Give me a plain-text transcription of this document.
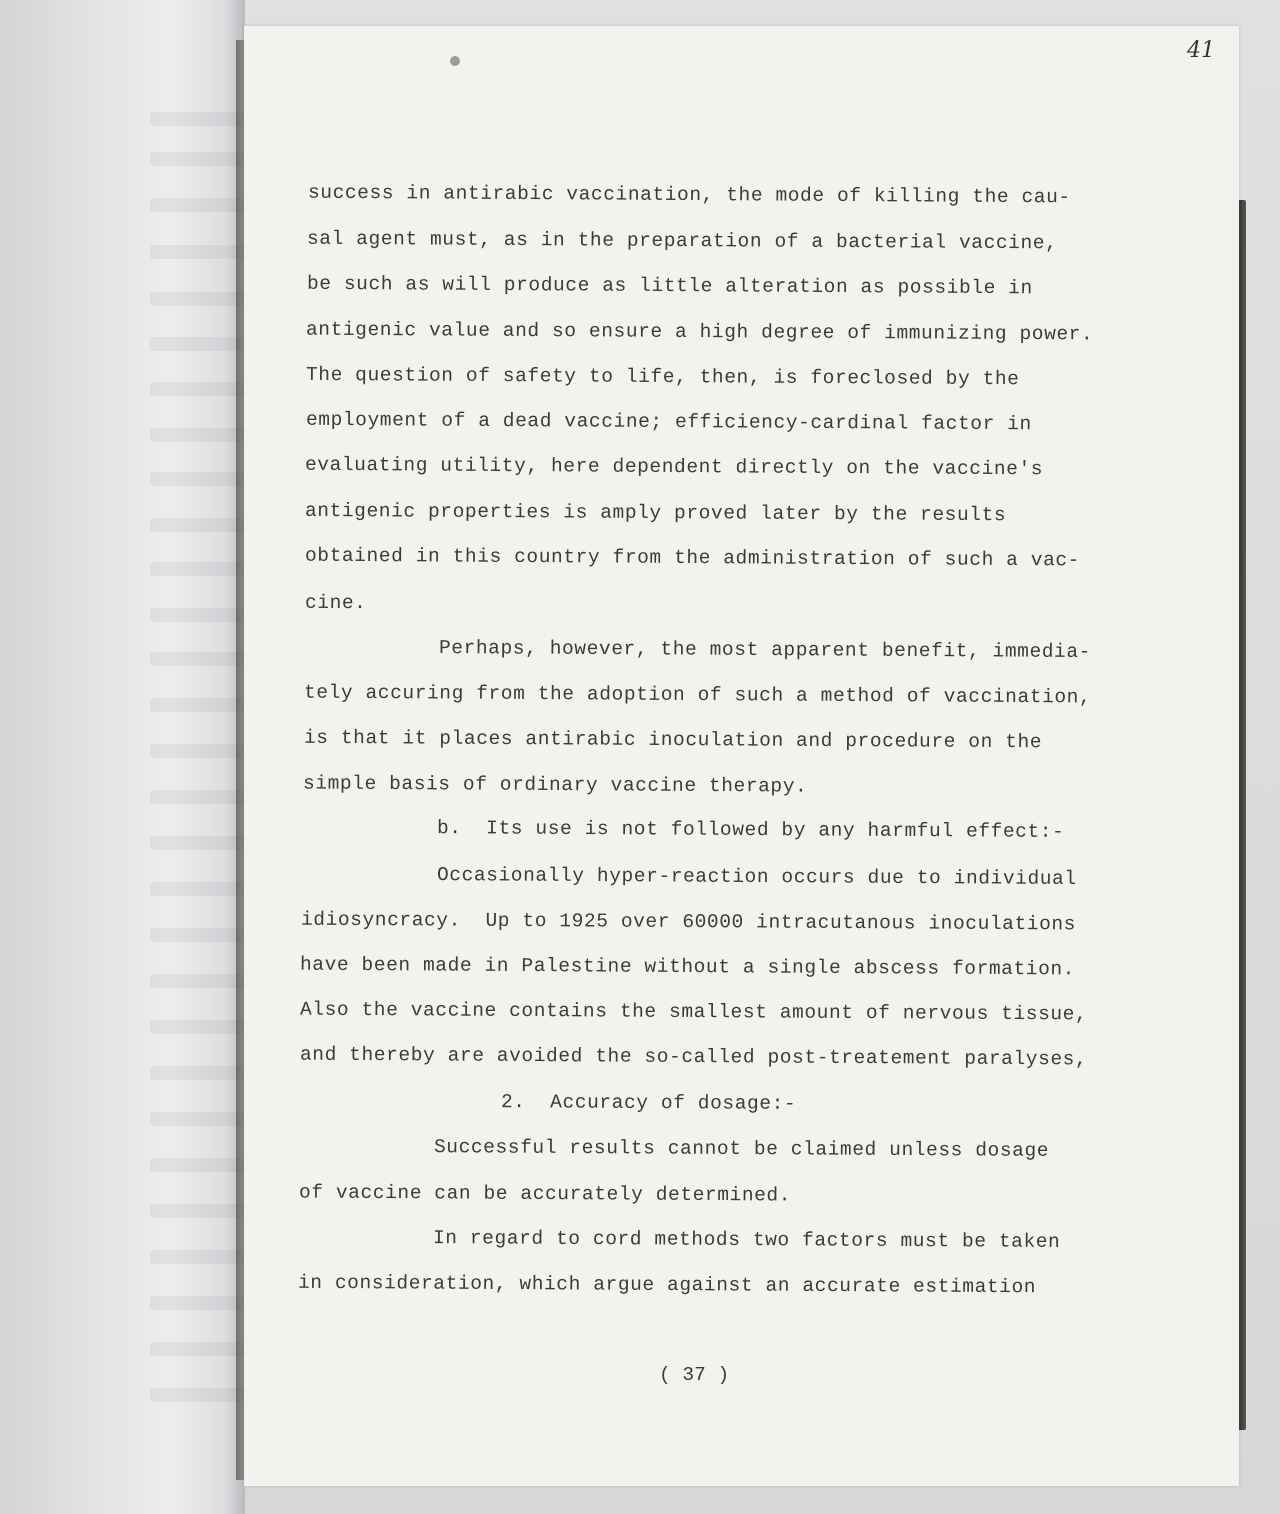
41
success in antirabic vaccination, the mode of killing the cau-
sal agent must, as in the preparation of a bacterial vaccine,
be such as will produce as little alteration as possible in
antigenic value and so ensure a high degree of immunizing power.
The question of safety to life, then, is foreclosed by the
employment of a dead vaccine; efficiency-cardinal factor in
evaluating utility, here dependent directly on the vaccine's
antigenic properties is amply proved later by the results
obtained in this country from the administration of such a vac-
cine.
Perhaps, however, the most apparent benefit, immedia-
tely accuring from the adoption of such a method of vaccination,
is that it places antirabic inoculation and procedure on the
simple basis of ordinary vaccine therapy.
b.  Its use is not followed by any harmful effect:-
Occasionally hyper-reaction occurs due to individual
idiosyncracy.  Up to 1925 over 60000 intracutanous inoculations
have been made in Palestine without a single abscess formation.
Also the vaccine contains the smallest amount of nervous tissue,
and thereby are avoided the so-called post-treatement paralyses,
2.  Accuracy of dosage:-
Successful results cannot be claimed unless dosage
of vaccine can be accurately determined.
In regard to cord methods two factors must be taken
in consideration, which argue against an accurate estimation
( 37 )
